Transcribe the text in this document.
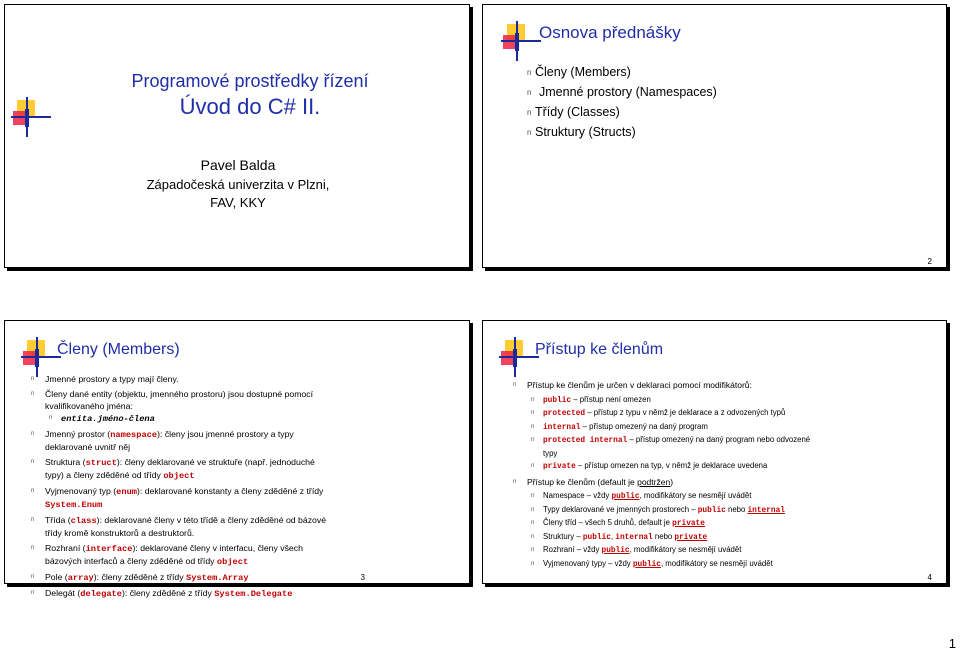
Programové prostředky řízení
Úvod do C# II.
Pavel Balda
Západočeská univerzita v Plzni,
FAV, KKY
Osnova přednášky
n Členy (Members)
n Jmenné prostory (Namespaces)
n Třídy (Classes)
n Struktury (Structs)
2
Členy (Members)
n Jmenné prostory a typy mají členy.
n Členy dané entity (objektu, jmenného prostoru) jsou dostupné pomocí
kvalifikovaného jména:
n entita.jméno-člena
n Jmenný prostor (namespace): členy jsou jmenné prostory a typy
deklarované uvnitř něj
n Struktura (struct): členy deklarované ve struktuře (např. jednoduché
typy) a členy zděděné od třídy object
n Vyjmenovaný typ (enum): deklarované konstanty a členy zděděné z třídy
System.Enum
n Třída (class): deklarované členy v této třídě a členy zděděné od bázové
třídy kromě konstruktorů a destruktorů.
n Rozhraní (interface): deklarované členy v interfacu, členy všech
bázových interfaců a členy zděděné od třídy object
n Pole (array): členy zděděné z třídy System.Array
n Delegát (delegate): členy zděděné z třídy System.Delegate
3
Přístup ke členům
n Přístup ke členům je určen v deklaraci pomocí modifikátorů:
n public – přístup není omezen
n protected – přístup z typu v němž je deklarace a z odvozených typů
n internal – přístup omezený na daný program
n protected internal – přístup omezený na daný program nebo odvozené
typy
n private – přístup omezen na typ, v němž je deklarace uvedena
n Přístup ke členům (default je podtržen)
n Namespace – vždy public, modifikátory se nesmějí uvádět
n Typy deklarované ve jmenných prostorech – public nebo internal
n Členy tříd – všech 5 druhů, default je private
n Struktury – public, internal nebo private
n Rozhraní – vždy public, modifikátory se nesmějí uvádět
n Vyjmenovaný typy – vždy public, modifikátory se nesmějí uvádět
4
1
